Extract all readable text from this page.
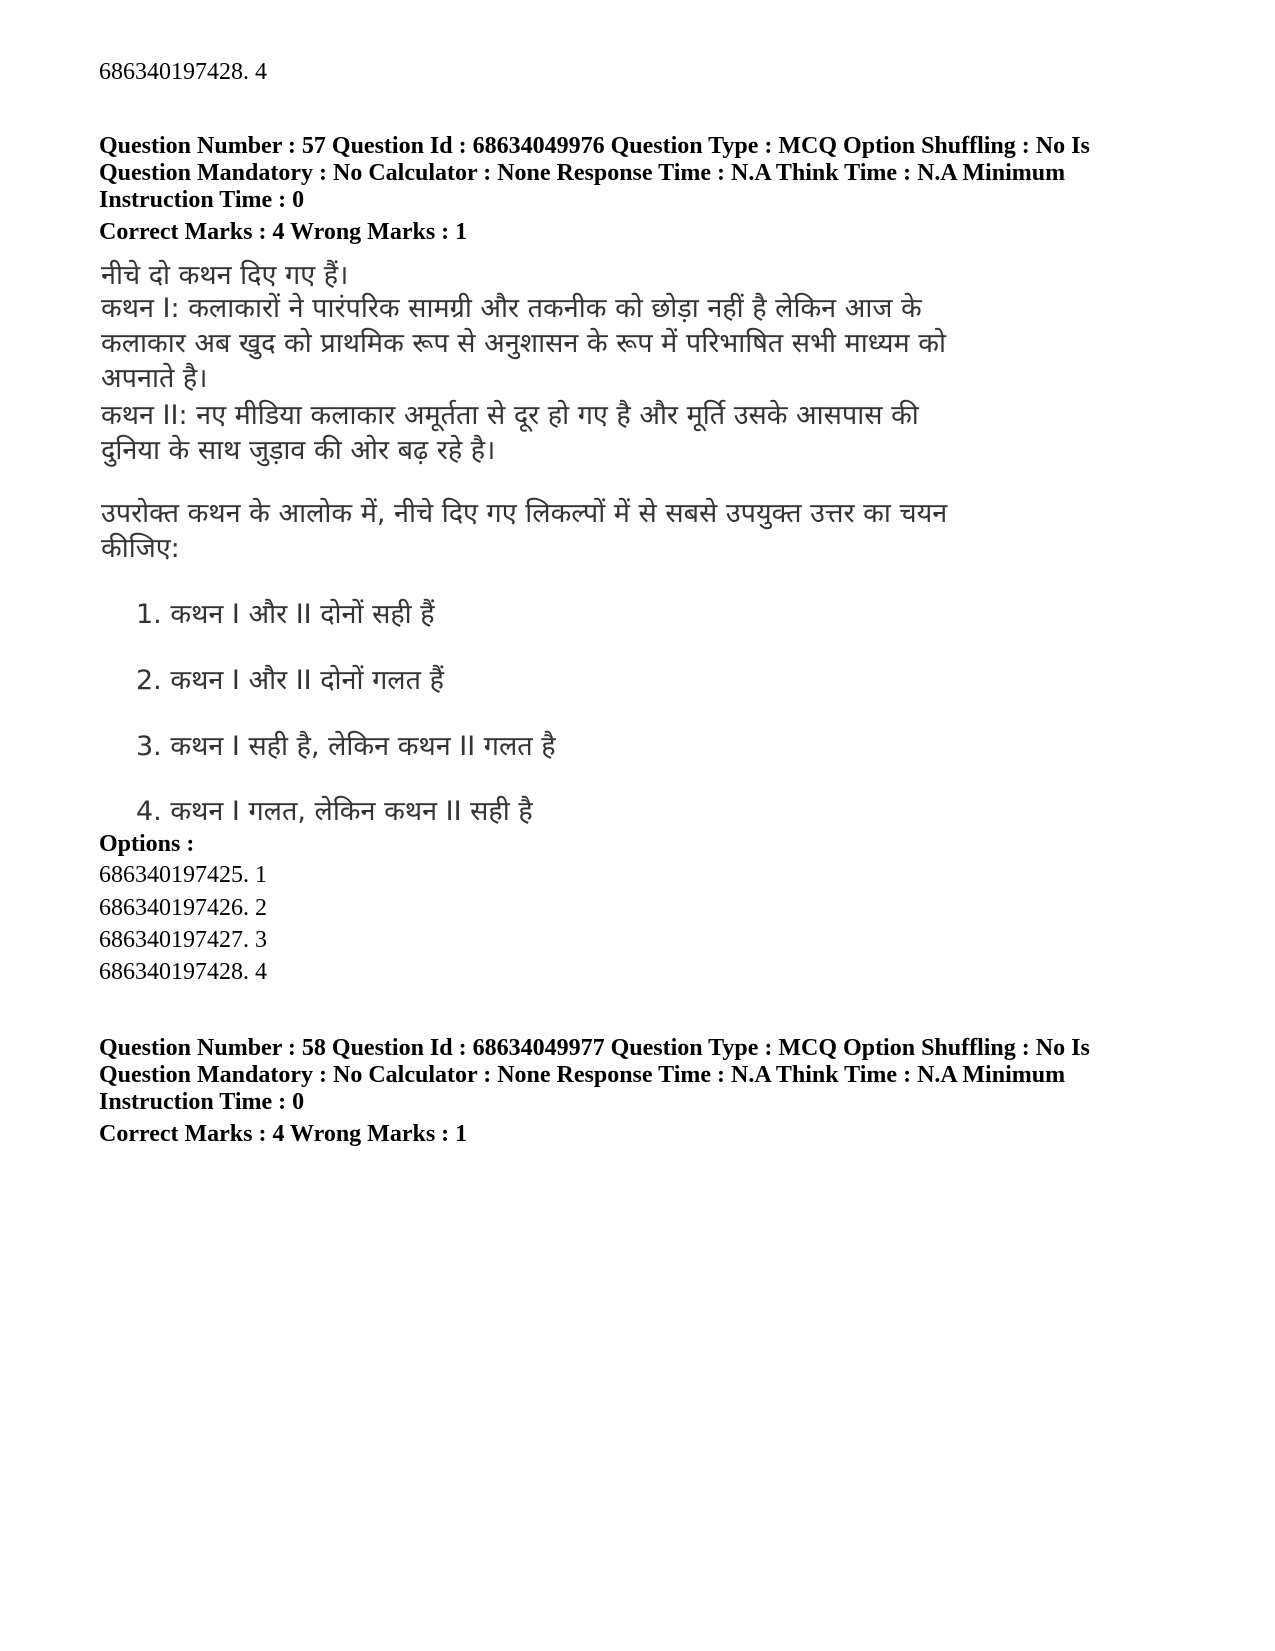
686340197428. 4
Question Number : 57 Question Id : 68634049976 Question Type : MCQ Option Shuffling : No Is
Question Mandatory : No Calculator : None Response Time : N.A Think Time : N.A Minimum
Instruction Time : 0
Correct Marks : 4 Wrong Marks : 1
नीचे दो कथन दिए गए हैं।
कथन I: कलाकारों ने पारंपरिक सामग्री और तकनीक को छोड़ा नहीं है लेकिन आज के
कलाकार अब खुद को प्राथमिक रूप से अनुशासन के रूप में परिभाषित सभी माध्यम को
अपनाते है।
कथन II: नए मीडिया कलाकार अमूर्तता से दूर हो गए है और मूर्ति उसके आसपास की
दुनिया के साथ जुड़ाव की ओर बढ़ रहे है।
उपरोक्त कथन के आलोक में, नीचे दिए गए लिकल्पों में से सबसे उपयुक्त उत्तर का चयन
कीजिए:
1. कथन I और II दोनों सही हैं
2. कथन I और II दोनों गलत हैं
3. कथन I सही है, लेकिन कथन II गलत है
4. कथन I गलत, लेकिन कथन II सही है
Options :
686340197425. 1
686340197426. 2
686340197427. 3
686340197428. 4
Question Number : 58 Question Id : 68634049977 Question Type : MCQ Option Shuffling : No Is
Question Mandatory : No Calculator : None Response Time : N.A Think Time : N.A Minimum
Instruction Time : 0
Correct Marks : 4 Wrong Marks : 1
